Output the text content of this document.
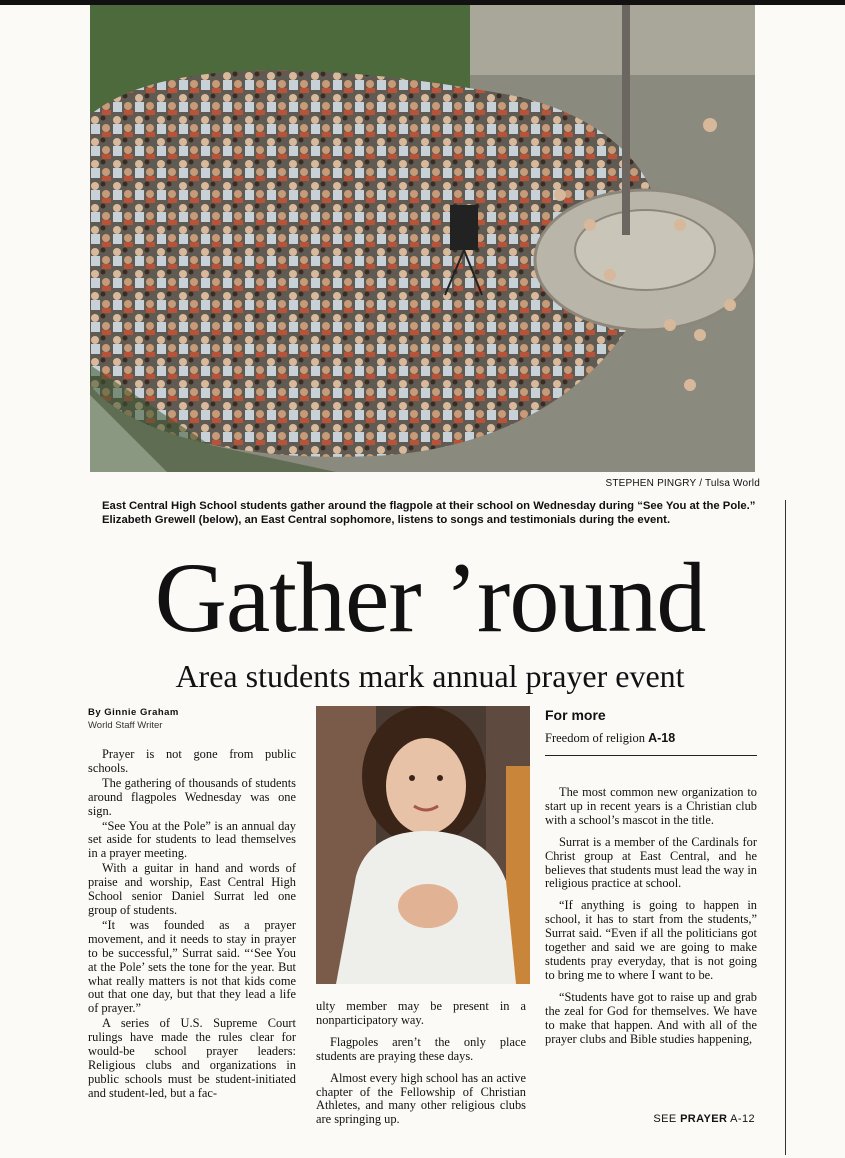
STEPHEN PINGRY / Tulsa World
East Central High School students gather around the flagpole at their school on Wednesday during “See You at the Pole.” Elizabeth Grewell (below), an East Central sophomore, listens to songs and testimonials during the event.
Gather ’round
Area students mark annual prayer event
By Ginnie Graham
World Staff Writer

Prayer is not gone from public schools.

The gathering of thousands of students around flagpoles Wednesday was one sign.

“See You at the Pole” is an annual day set aside for students to lead themselves in a prayer meeting.

With a guitar in hand and words of praise and worship, East Central High School senior Daniel Surrat led one group of students.

“It was founded as a prayer movement, and it needs to stay in prayer to be successful,” Surrat said. “‘See You at the Pole’ sets the tone for the year. But what really matters is not that kids come out that one day, but that they lead a life of prayer.”

A series of U.S. Supreme Court rulings have made the rules clear for would-be school prayer leaders: Religious clubs and organizations in public schools must be student-initiated and student-led, but a fac-

ulty member may be present in a nonparticipatory way.

Flagpoles aren’t the only place students are praying these days.

Almost every high school has an active chapter of the Fellowship of Christian Athletes, and many other religious clubs are springing up.

For more
Freedom of religion A-18

The most common new organization to start up in recent years is a Christian club with a school’s mascot in the title.

Surrat is a member of the Cardinals for Christ group at East Central, and he believes that students must lead the way in religious practice at school.

“If anything is going to happen in school, it has to start from the students,” Surrat said. “Even if all the politicians got together and said we are going to make students pray everyday, that is not going to bring me to where I want to be.

“Students have got to raise up and grab the zeal for God for themselves. We have to make that happen. And with all of the prayer clubs and Bible studies happening,

SEE PRAYER A-12
